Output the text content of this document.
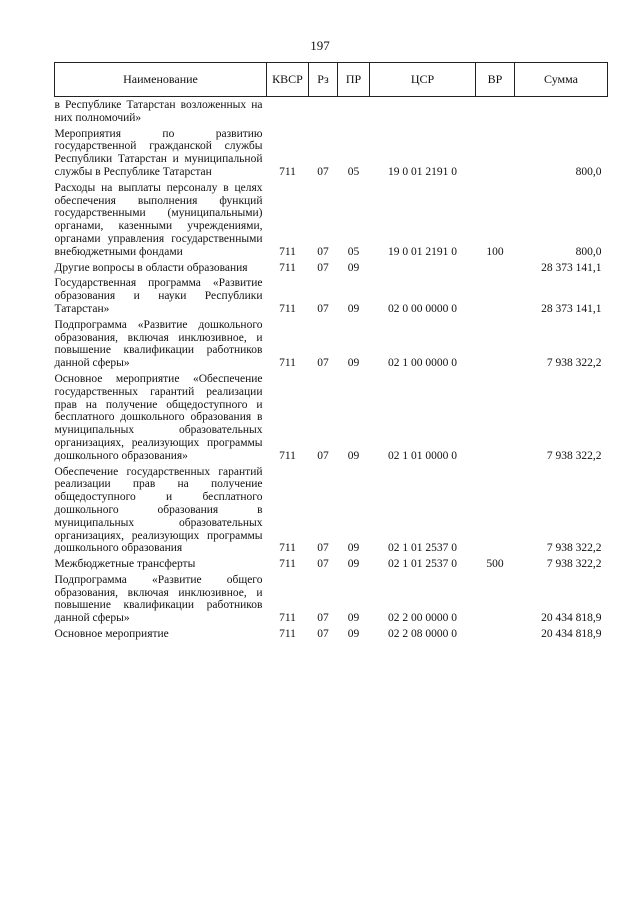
197
Наименование	КВСР	Рз	ПР	ЦСР	ВР	Сумма
в Республике Татарстан возложенных на них полномочий»						
Мероприятия по развитию государственной гражданской службы Республики Татарстан и муниципальной службы в Республике Татарстан	711	07	05	19 0 01 2191 0		800,0
Расходы на выплаты персоналу в целях обеспечения выполнения функций государственными (муниципальными) органами, казенными учреждениями, органами управления государственными внебюджетными фондами	711	07	05	19 0 01 2191 0	100	800,0
Другие вопросы в области образования	711	07	09			28 373 141,1
Государственная программа «Развитие образования и науки Республики Татарстан»	711	07	09	02 0 00 0000 0		28 373 141,1
Подпрограмма «Развитие дошкольного образования, включая инклюзивное, и повышение квалификации работников данной сферы»	711	07	09	02 1 00 0000 0		7 938 322,2
Основное мероприятие «Обеспечение государственных гарантий реализации прав на получение общедоступного и бесплатного дошкольного образования в муниципальных образовательных организациях, реализующих программы дошкольного образования»	711	07	09	02 1 01 0000 0		7 938 322,2
Обеспечение государственных гарантий реализации прав на получение общедоступного и бесплатного дошкольного образования в муниципальных образовательных организациях, реализующих программы дошкольного образования	711	07	09	02 1 01 2537 0		7 938 322,2
Межбюджетные трансферты	711	07	09	02 1 01 2537 0	500	7 938 322,2
Подпрограмма «Развитие общего образования, включая инклюзивное, и повышение квалификации работников данной сферы»	711	07	09	02 2 00 0000 0		20 434 818,9
Основное мероприятие	711	07	09	02 2 08 0000 0		20 434 818,9
